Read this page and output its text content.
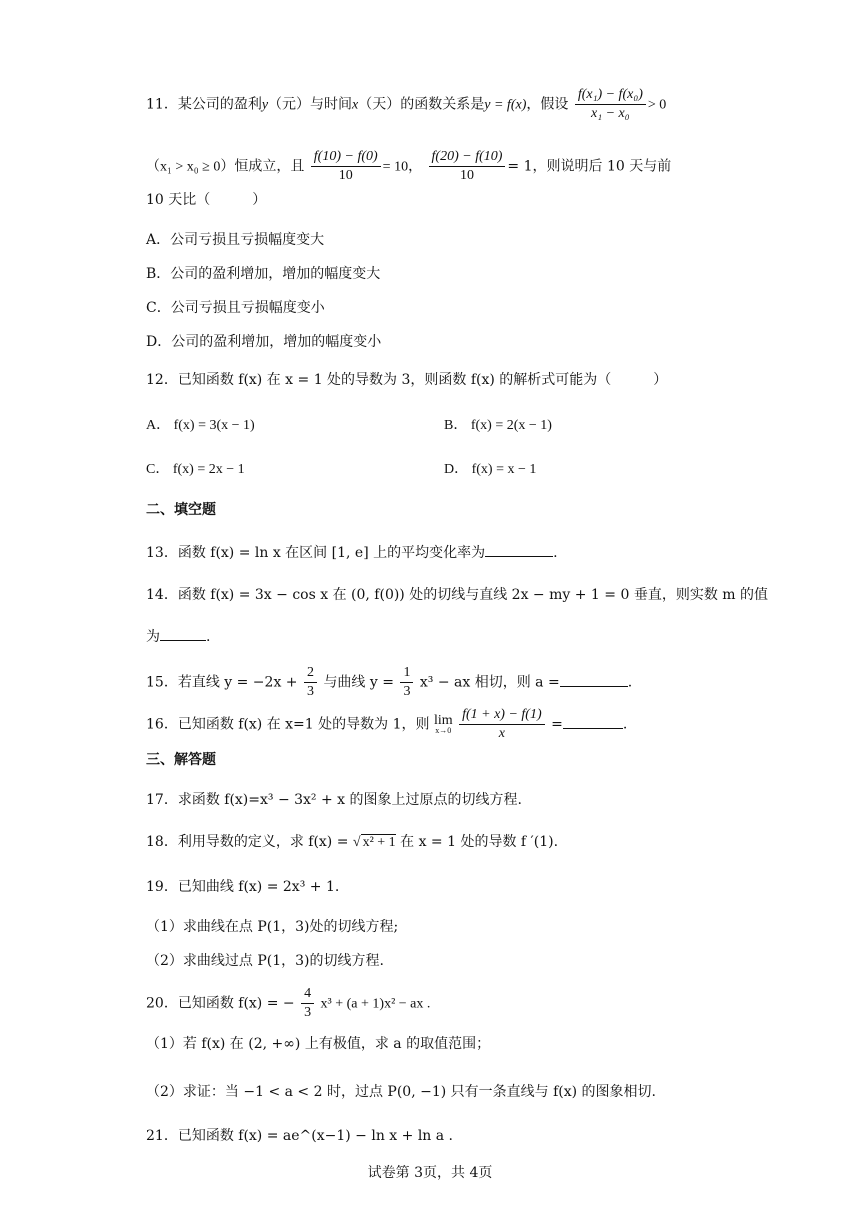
11．某公司的盈利y（元）与时间x（天）的函数关系是y = f(x)，假设 $\frac{\text{f(x₁) − f(x₀)}}{\text{x₁ − x₀}} > 0$
（x₁ > x₀ ≥ 0）恒成立，且 $\frac{f(10) - f(0)}{10} = 10$， $\frac{f(20) - f(10)}{10} = 1$，则说明后 10 天与前
10 天比（　　　）
A．公司亏损且亏损幅度变大
B．公司的盈利增加，增加的幅度变大
C．公司亏损且亏损幅度变小
D．公司的盈利增加，增加的幅度变小
12．已知函数 f(x) 在 x = 1 处的导数为 3，则函数 f(x) 的解析式可能为（　　　）
A． f(x) = 3(x − 1)	B． f(x) = 2(x − 1)
C． f(x) = 2x − 1	D． f(x) = x − 1
二、填空题
13．函数 f(x) = ln x 在区间 [1, e] 上的平均变化率为	.
14．函数 f(x) = 3x − cos x 在 (0, f(0)) 处的切线与直线 2x − my + 1 = 0 垂直，则实数 m 的值
为	.
15．若直线 $y = -2x + \frac{2}{3}$ 与曲线 $y = \frac{1}{3} x^3$ − ax 相切，则 a =	.
16．已知函数 f(x) 在 x=1 处的导数为 1，则 lim
x→0
$\frac{f(1 + x) - f(1)}{x}$ =	.
三、解答题
17．求函数 f(x)=x³ − 3x² + x 的图象上过原点的切线方程.
18．利用导数的定义，求 f(x) = √ x² + 1 在 x = 1 处的导数 f ′(1).
19．已知曲线 f(x) = 2x³ + 1.
（1）求曲线在点 P(1，3)处的切线方程;
（2）求曲线过点 P(1，3)的切线方程.
20．已知函数 f(x) = − $\frac{4}{3} x^3 + (a + 1)x^2$ − ax .
（1）若 f(x) 在 (2, +∞) 上有极值，求 a 的取值范围；
（2）求证：当 −1 < a < 2 时，过点 P(0, −1) 只有一条直线与 f(x) 的图象相切.
21．已知函数 f(x) = ae^(x−1) − ln x + ln a .
试卷第 3页，共 4页
